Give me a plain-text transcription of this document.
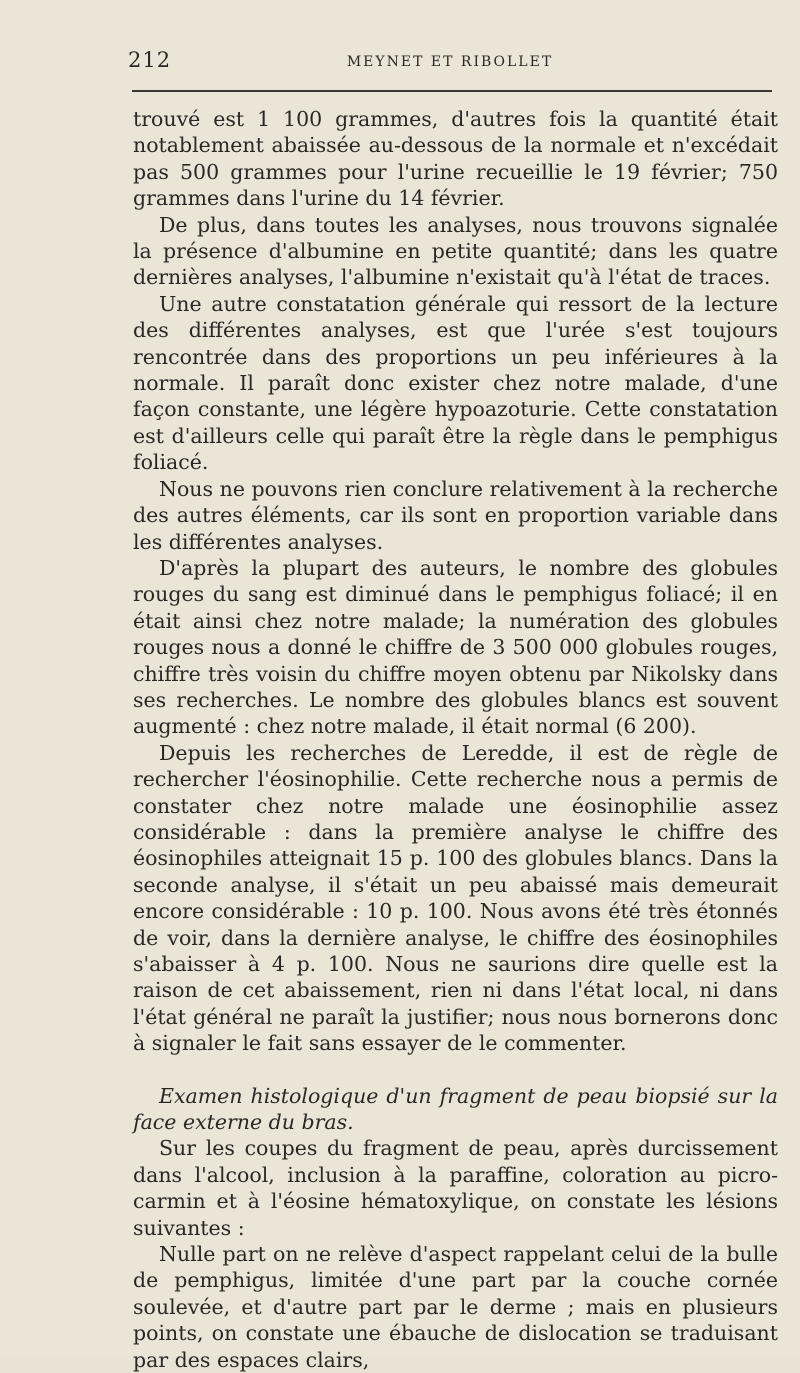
212	MEYNET ET RIBOLLET

trouvé est 1 100 grammes, d'autres fois la quantité était notablement abaissée au-dessous de la normale et n'excédait pas 500 grammes pour l'urine recueillie le 19 février; 750 grammes dans l'urine du 14 février.

De plus, dans toutes les analyses, nous trouvons signalée la présence d'albumine en petite quantité; dans les quatre dernières analyses, l'albumine n'existait qu'à l'état de traces.

Une autre constatation générale qui ressort de la lecture des différentes analyses, est que l'urée s'est toujours rencontrée dans des proportions un peu inférieures à la normale. Il paraît donc exister chez notre malade, d'une façon constante, une légère hypoazoturie. Cette constatation est d'ailleurs celle qui paraît être la règle dans le pemphigus foliacé.

Nous ne pouvons rien conclure relativement à la recherche des autres éléments, car ils sont en proportion variable dans les différentes analyses.

D'après la plupart des auteurs, le nombre des globules rouges du sang est diminué dans le pemphigus foliacé; il en était ainsi chez notre malade; la numération des globules rouges nous a donné le chiffre de 3 500 000 globules rouges, chiffre très voisin du chiffre moyen obtenu par Nikolsky dans ses recherches. Le nombre des globules blancs est souvent augmenté : chez notre malade, il était normal (6 200).

Depuis les recherches de Leredde, il est de règle de rechercher l'éosinophilie. Cette recherche nous a permis de constater chez notre malade une éosinophilie assez considérable : dans la première analyse le chiffre des éosinophiles atteignait 15 p. 100 des globules blancs. Dans la seconde analyse, il s'était un peu abaissé mais demeurait encore considérable : 10 p. 100. Nous avons été très étonnés de voir, dans la dernière analyse, le chiffre des éosinophiles s'abaisser à 4 p. 100. Nous ne saurions dire quelle est la raison de cet abaissement, rien ni dans l'état local, ni dans l'état général ne paraît la justifier; nous nous bornerons donc à signaler le fait sans essayer de le commenter.

Examen histologique d'un fragment de peau biopsié sur la face externe du bras.

Sur les coupes du fragment de peau, après durcissement dans l'alcool, inclusion à la paraffine, coloration au picro-carmin et à l'éosine hématoxylique, on constate les lésions suivantes :

Nulle part on ne relève d'aspect rappelant celui de la bulle de pemphigus, limitée d'une part par la couche cornée soulevée, et d'autre part par le derme ; mais en plusieurs points, on constate une ébauche de dislocation se traduisant par des espaces clairs,
